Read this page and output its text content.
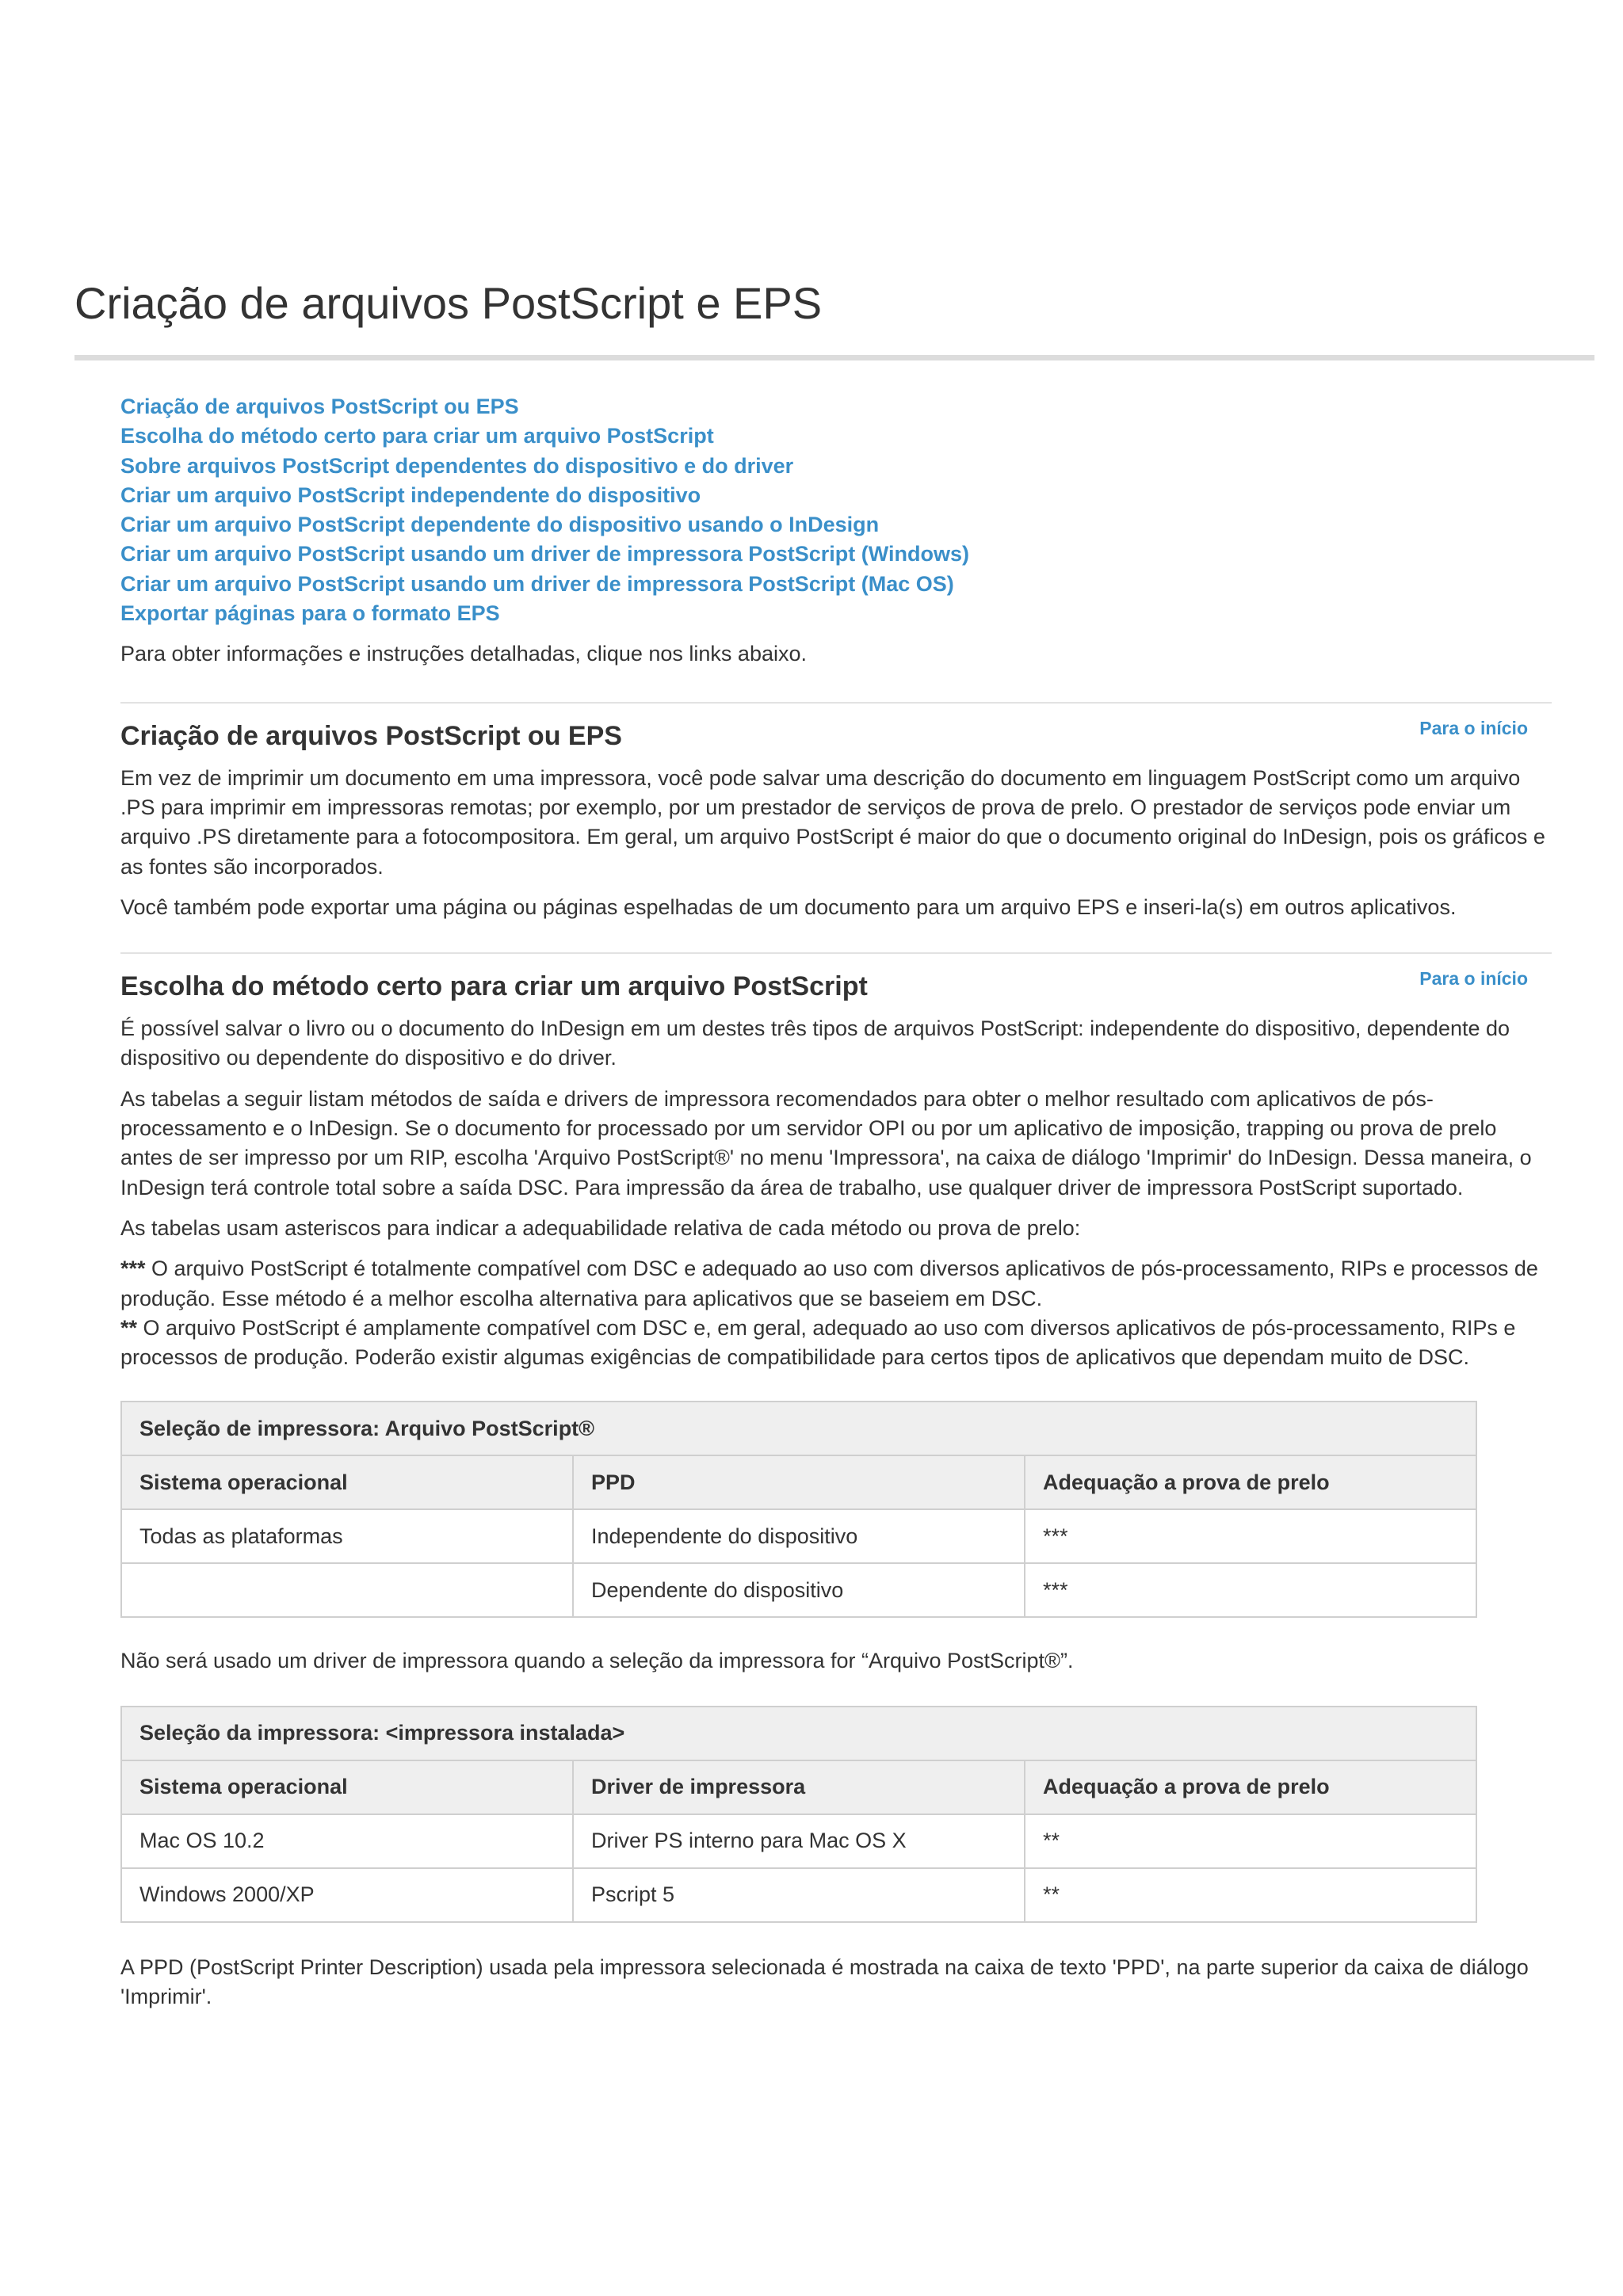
Criação de arquivos PostScript e EPS
Criação de arquivos PostScript ou EPS
Escolha do método certo para criar um arquivo PostScript
Sobre arquivos PostScript dependentes do dispositivo e do driver
Criar um arquivo PostScript independente do dispositivo
Criar um arquivo PostScript dependente do dispositivo usando o InDesign
Criar um arquivo PostScript usando um driver de impressora PostScript (Windows)
Criar um arquivo PostScript usando um driver de impressora PostScript (Mac OS)
Exportar páginas para o formato EPS

Para obter informações e instruções detalhadas, clique nos links abaixo.

Para o início
Criação de arquivos PostScript ou EPS

Em vez de imprimir um documento em uma impressora, você pode salvar uma descrição do documento em linguagem PostScript como um arquivo .PS para imprimir em impressoras remotas; por exemplo, por um prestador de serviços de prova de prelo. O prestador de serviços pode enviar um arquivo .PS diretamente para a fotocompositora. Em geral, um arquivo PostScript é maior do que o documento original do InDesign, pois os gráficos e as fontes são incorporados.

Você também pode exportar uma página ou páginas espelhadas de um documento para um arquivo EPS e inseri-la(s) em outros aplicativos.

Para o início
Escolha do método certo para criar um arquivo PostScript

É possível salvar o livro ou o documento do InDesign em um destes três tipos de arquivos PostScript: independente do dispositivo, dependente do dispositivo ou dependente do dispositivo e do driver.

As tabelas a seguir listam métodos de saída e drivers de impressora recomendados para obter o melhor resultado com aplicativos de pós-processamento e o InDesign. Se o documento for processado por um servidor OPI ou por um aplicativo de imposição, trapping ou prova de prelo antes de ser impresso por um RIP, escolha 'Arquivo PostScript®' no menu 'Impressora', na caixa de diálogo 'Imprimir' do InDesign. Dessa maneira, o InDesign terá controle total sobre a saída DSC. Para impressão da área de trabalho, use qualquer driver de impressora PostScript suportado.

As tabelas usam asteriscos para indicar a adequabilidade relativa de cada método ou prova de prelo:

*** O arquivo PostScript é totalmente compatível com DSC e adequado ao uso com diversos aplicativos de pós-processamento, RIPs e processos de produção. Esse método é a melhor escolha alternativa para aplicativos que se baseiem em DSC.

** O arquivo PostScript é amplamente compatível com DSC e, em geral, adequado ao uso com diversos aplicativos de pós-processamento, RIPs e processos de produção. Poderão existir algumas exigências de compatibilidade para certos tipos de aplicativos que dependam muito de DSC.

Seleção de impressora: Arquivo PostScript®		
Sistema operacional	PPD	Adequação a prova de prelo
Todas as plataformas	Independente do dispositivo	***
	Dependente do dispositivo	***

Não será usado um driver de impressora quando a seleção da impressora for “Arquivo PostScript®”.

Seleção da impressora: <impressora instalada>		
Sistema operacional	Driver de impressora	Adequação a prova de prelo
Mac OS 10.2	Driver PS interno para Mac OS X	**
Windows 2000/XP	Pscript 5	**

A PPD (PostScript Printer Description) usada pela impressora selecionada é mostrada na caixa de texto 'PPD', na parte superior da caixa de diálogo 'Imprimir'.
